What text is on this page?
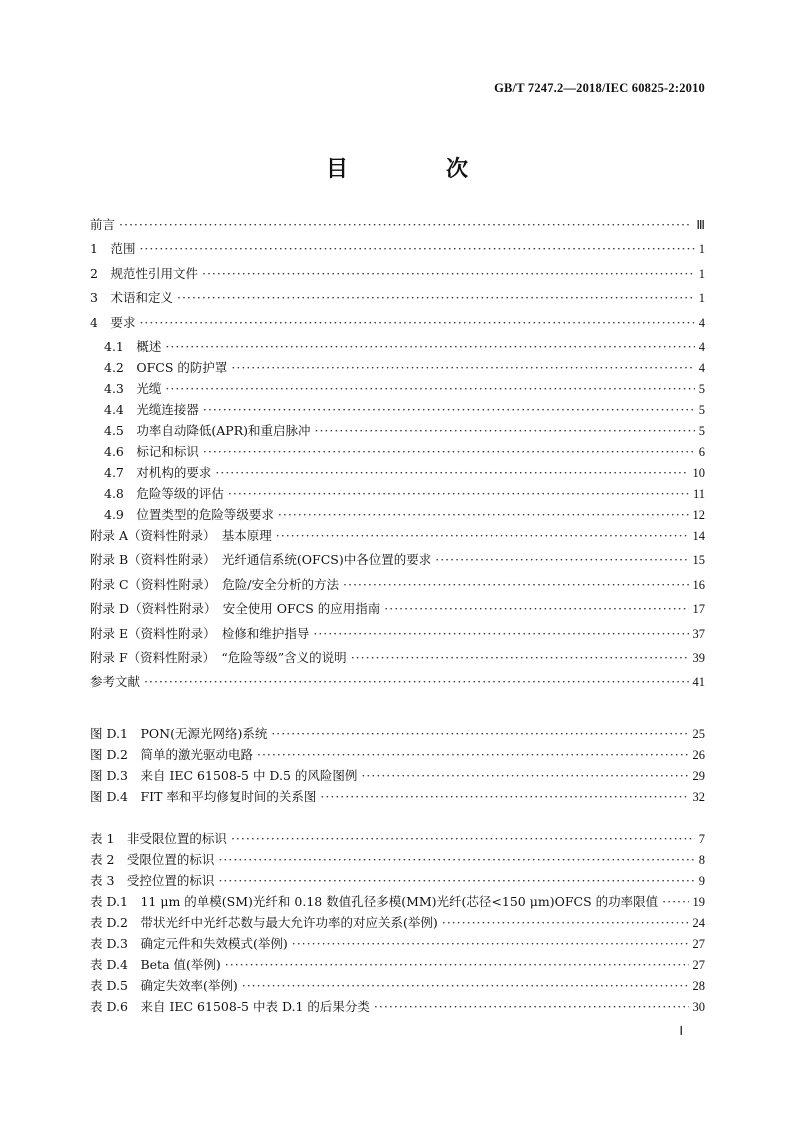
GB/T 7247.2—2018/IEC 60825-2:2010
目　次
前言 ·····	Ⅲ
1　范围 ·····	1
2　规范性引用文件 ·····	1
3　术语和定义 ·····	1
4　要求 ·····	4
4.1　概述 ·····	4
4.2　OFCS 的防护罩 ·····	4
4.3　光缆 ·····	5
4.4　光缆连接器 ·····	5
4.5　功率自动降低(APR)和重启脉冲 ·····	5
4.6　标记和标识 ·····	6
4.7　对机构的要求 ·····	10
4.8　危险等级的评估 ·····	11
4.9　位置类型的危险等级要求 ·····	12
附录 A（资料性附录）　基本原理 ·····	14
附录 B（资料性附录）　光纤通信系统(OFCS)中各位置的要求 ·····	15
附录 C（资料性附录）　危险/安全分析的方法 ·····	16
附录 D（资料性附录）　安全使用 OFCS 的应用指南 ·····	17
附录 E（资料性附录）　检修和维护指导 ·····	37
附录 F（资料性附录）　“危险等级”含义的说明 ·····	39
参考文献 ·····	41
图 D.1　PON(无源光网络)系统 ·····	25
图 D.2　简单的激光驱动电路 ·····	26
图 D.3　来自 IEC 61508-5 中 D.5 的风险图例 ·····	29
图 D.4　FIT 率和平均修复时间的关系图 ·····	32
表 1　非受限位置的标识 ·····	7
表 2　受限位置的标识 ·····	8
表 3　受控位置的标识 ·····	9
表 D.1　11 μm 的单模(SM)光纤和 0.18 数值孔径多模(MM)光纤(芯径<150 μm)OFCS 的功率限值 ·····	19
表 D.2　带状光纤中光纤芯数与最大允许功率的对应关系(举例) ·····	24
表 D.3　确定元件和失效模式(举例) ·····	27
表 D.4　Beta 值(举例) ·····	27
表 D.5　确定失效率(举例) ·····	28
表 D.6　来自 IEC 61508-5 中表 D.1 的后果分类 ·····	30
Ⅰ
